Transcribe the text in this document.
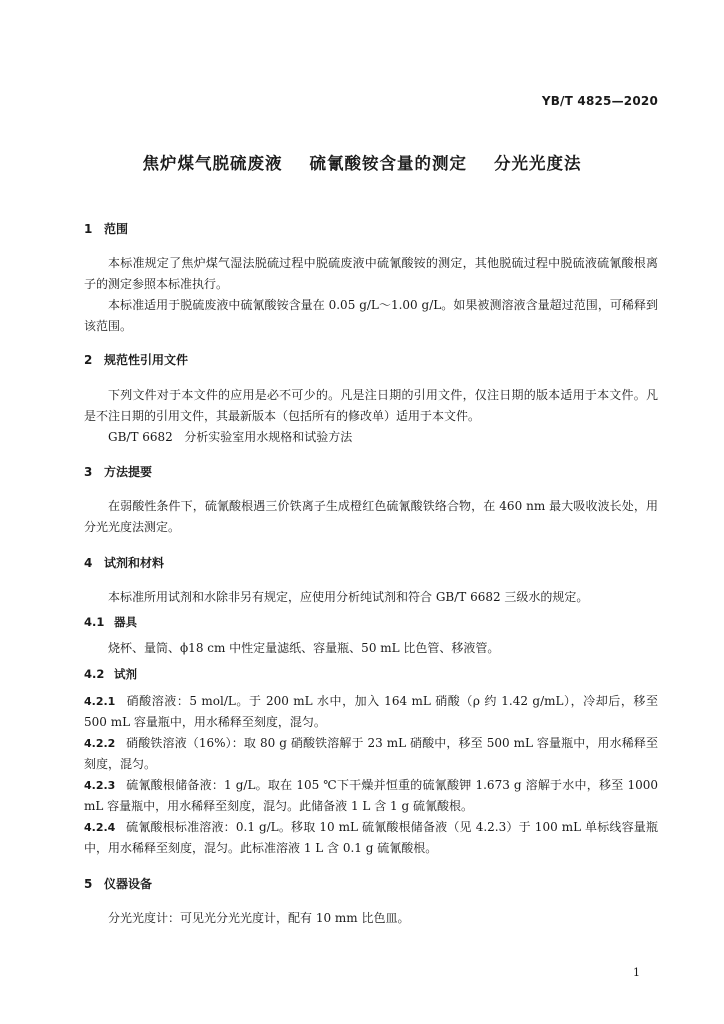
YB/T 4825—2020
焦炉煤气脱硫废液    硫氰酸铵含量的测定    分光光度法
1 范围

本标准规定了焦炉煤气湿法脱硫过程中脱硫废液中硫氰酸铵的测定，其他脱硫过程中脱硫液硫氰酸根离子的测定参照本标准执行。

本标准适用于脱硫废液中硫氰酸铵含量在 0.05 g/L～1.00 g/L。如果被测溶液含量超过范围，可稀释到该范围。

2 规范性引用文件

下列文件对于本文件的应用是必不可少的。凡是注日期的引用文件，仅注日期的版本适用于本文件。凡是不注日期的引用文件，其最新版本（包括所有的修改单）适用于本文件。

GB/T 6682   分析实验室用水规格和试验方法

3 方法提要

在弱酸性条件下，硫氰酸根遇三价铁离子生成橙红色硫氰酸铁络合物，在 460 nm 最大吸收波长处，用分光光度法测定。

4 试剂和材料

本标准所用试剂和水除非另有规定，应使用分析纯试剂和符合 GB/T 6682 三级水的规定。

4.1 器具

烧杯、量筒、ϕ18 cm 中性定量滤纸、容量瓶、50 mL 比色管、移液管。

4.2 试剂

4.2.1 硝酸溶液：5 mol/L。于 200 mL 水中，加入 164 mL 硝酸（ρ 约 1.42 g/mL），冷却后，移至 500 mL 容量瓶中，用水稀释至刻度，混匀。

4.2.2 硝酸铁溶液（16%）：取 80 g 硝酸铁溶解于 23 mL 硝酸中，移至 500 mL 容量瓶中，用水稀释至刻度，混匀。

4.2.3 硫氰酸根储备液：1 g/L。取在 105 ℃下干燥并恒重的硫氰酸钾 1.673 g 溶解于水中，移至 1000 mL 容量瓶中，用水稀释至刻度，混匀。此储备液 1 L 含 1 g 硫氰酸根。

4.2.4 硫氰酸根标准溶液：0.1 g/L。移取 10 mL 硫氰酸根储备液（见 4.2.3）于 100 mL 单标线容量瓶中，用水稀释至刻度，混匀。此标准溶液 1 L 含 0.1 g 硫氰酸根。

5 仪器设备

分光光度计：可见光分光光度计，配有 10 mm 比色皿。

1
